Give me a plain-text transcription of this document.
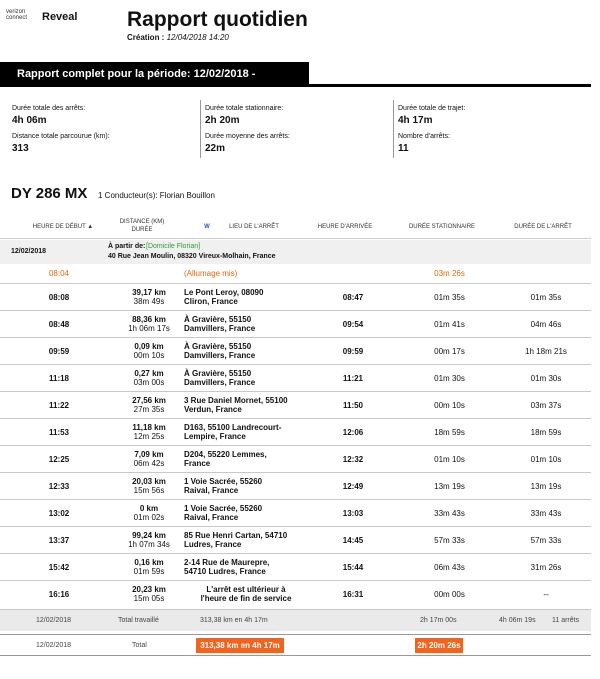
verizon
connect Reveal Rapport quotidien
Création : 12/04/2018 14:20
Rapport complet pour la période: 12/02/2018 - 12/02/2018
Durée totale des arrêts:
4h 06m
Distance totale parcourue (km):
313
Durée totale stationnaire:
2h 20m
Durée moyenne des arrêts:
22m
Durée totale de trajet:
4h 17m
Nombre d'arrêts:
11
DY 286 MX 1 Conducteur(s): Florian Bouillon
HEURE DE DÉBUT ▲
DISTANCE (KM)
DURÉE	W	LIEU DE L'ARRÊT	HEURE D'ARRIVÉE	DURÉE STATIONNAIRE	DURÉE DE L'ARRÊT
12/02/2018
À partir de: [Domicile Florian]
40 Rue Jean Moulin, 08320 Vireux-Molhain, France
08:04	(Allumage mis)	03m 26s
08:08	39,17 km
38m 49s	Le Pont Leroy, 08090
Cliron, France	08:47	01m 35s	01m 35s
08:48	88,36 km
1h 06m 17s	À Gravière, 55150
Damvillers, France	09:54	01m 41s	04m 46s
09:59	0,09 km
00m 10s	À Gravière, 55150
Damvillers, France	09:59	00m 17s	1h 18m 21s
11:18	0,27 km
03m 00s	À Gravière, 55150
Damvillers, France	11:21	01m 30s	01m 30s
11:22	27,56 km
27m 35s	3 Rue Daniel Mornet, 55100
Verdun, France	11:50	00m 10s	03m 37s
11:53	11,18 km
12m 25s	D163, 55100 Landrecourt-
Lempire, France	12:06	18m 59s	18m 59s
12:25	7,09 km
06m 42s	D204, 55220 Lemmes,
France	12:32	01m 10s	01m 10s
12:33	20,03 km
15m 56s	1 Voie Sacrée, 55260
Raival, France	12:49	13m 19s	13m 19s
13:02	0 km
01m 02s	1 Voie Sacrée, 55260
Raival, France	13:03	33m 43s	33m 43s
13:37	99,24 km
1h 07m 34s	85 Rue Henri Cartan, 54710
Ludres, France	14:45	57m 33s	57m 33s
15:42	0,16 km
01m 59s	2-14 Rue de Maurepre,
54710 Ludres, France	15:44	06m 43s	31m 26s
16:16	20,23 km
15m 05s	L'arrêt est ultérieur à
l'heure de fin de service	16:31	00m 00s	--
12/02/2018	Total travaillé	313,38 km en 4h 17m	2h 17m 00s	4h 06m 19s 11 arrêts
12/02/2018	Total	313,38 km en 4h 17m	2h 20m 26s
